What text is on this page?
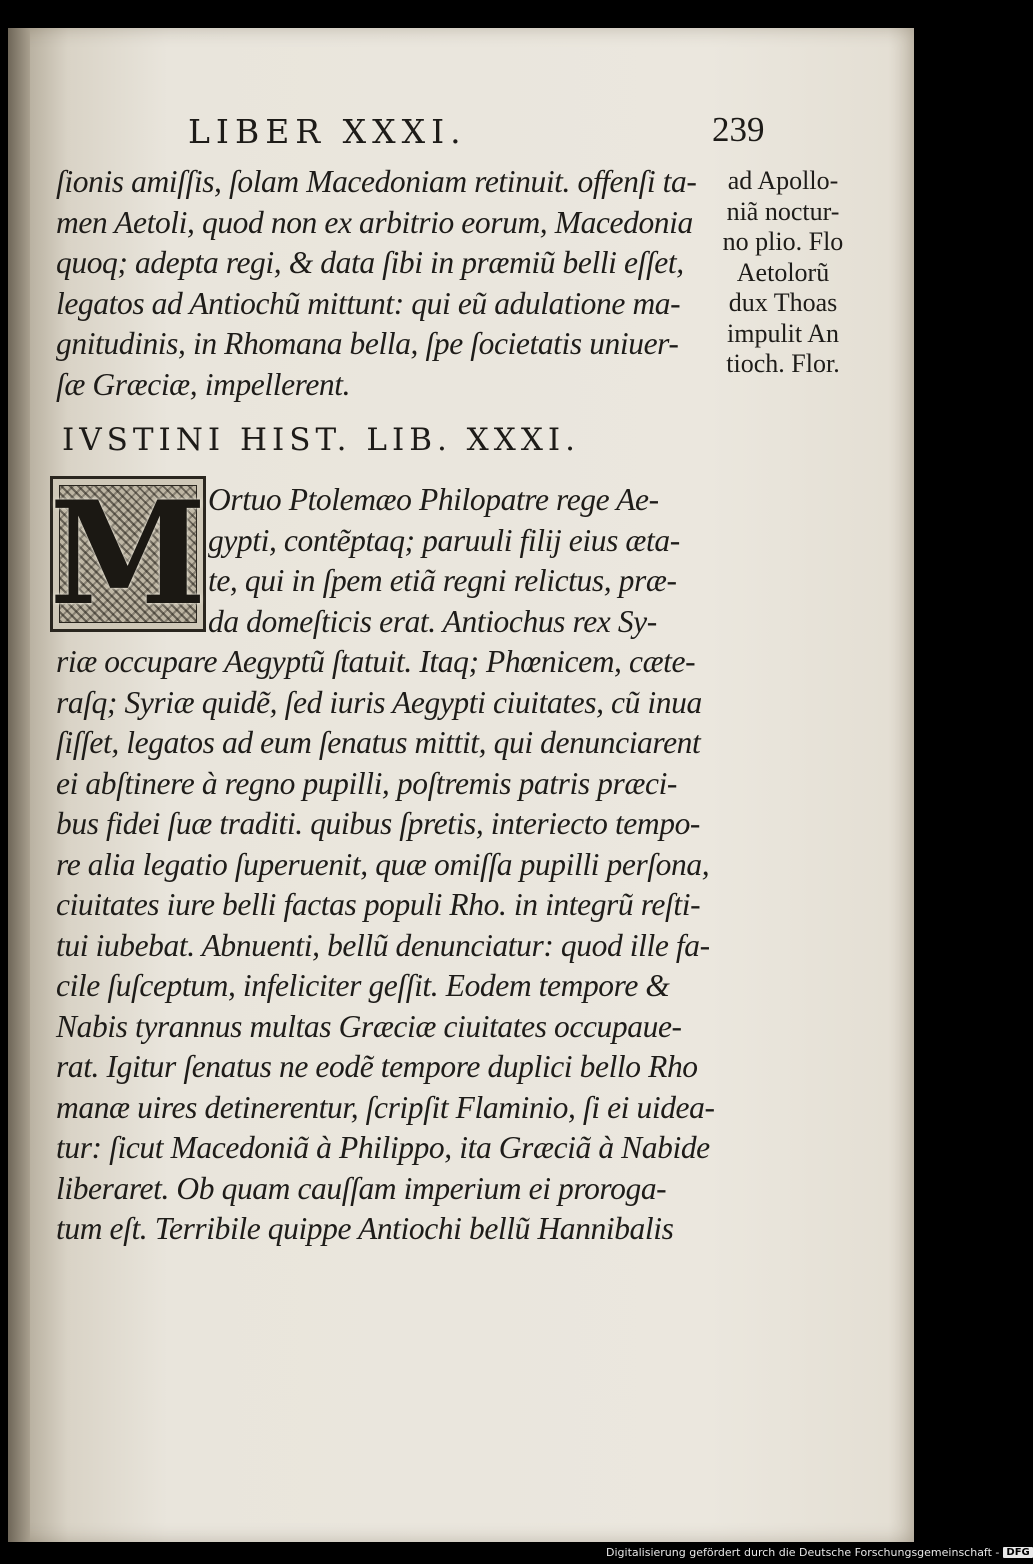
LIBER XXXI.	239
ſionis amiſſis, ſolam Macedoniam retinuit. offenſi ta-
men Aetoli, quod non ex arbitrio eorum, Macedonia
quoq; adepta regi, & data ſibi in præmiũ belli eſſet,
legatos ad Antiochũ mittunt: qui eũ adulatione ma-
gnitudinis, in Rhomana bella, ſpe ſocietatis uniuer-
ſæ Græciæ, impellerent.
IVSTINI HIST. LIB. XXXI.
M Ortuo Ptolemæo Philopatre rege Ae-
gypti, contẽptaq; paruuli filij eius æta-
te, qui in ſpem etiã regni relictus, præ-
da domeſticis erat. Antiochus rex Sy-
riæ occupare Aegyptũ ſtatuit. Itaq; Phœnicem, cæte-
raſq; Syriæ quidẽ, ſed iuris Aegypti ciuitates, cũ inua
ſiſſet, legatos ad eum ſenatus mittit, qui denunciarent
ei abſtinere à regno pupilli, poſtremis patris præci-
bus fidei ſuæ traditi. quibus ſpretis, interiecto tempo-
re alia legatio ſuperuenit, quæ omiſſa pupilli perſona,
ciuitates iure belli factas populi Rho. in integrũ reſti-
tui iubebat. Abnuenti, bellũ denunciatur: quod ille fa-
cile ſuſceptum, infeliciter geſſit. Eodem tempore &
Nabis tyrannus multas Græciæ ciuitates occupaue-
rat. Igitur ſenatus ne eodẽ tempore duplici bello Rho
manæ uires detinerentur, ſcripſit Flaminio, ſi ei uidea-
tur: ſicut Macedoniã à Philippo, ita Græciã à Nabide
liberaret. Ob quam cauſſam imperium ei proroga-
tum eſt. Terribile quippe Antiochi bellũ Hannibalis
ad Apollo-
niã noctur-
no plio. Flo
Aetolorũ
dux Thoas
impulit An
tioch. Flor.
Digitalisierung gefördert durch die Deutsche Forschungsgemeinschaft - DFG
